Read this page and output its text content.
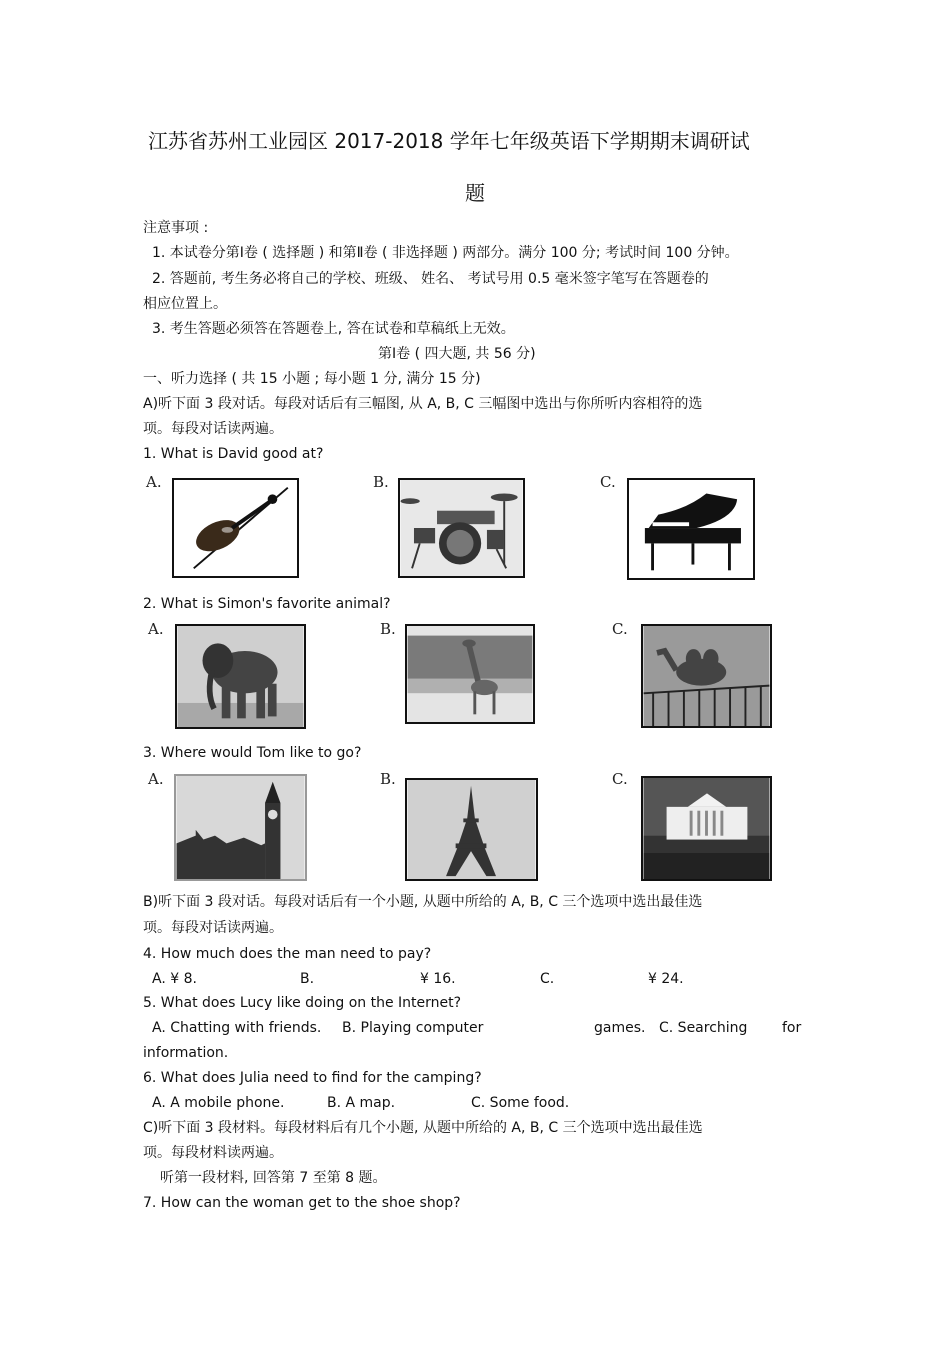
江苏省苏州工业园区 2017-2018 学年七年级英语下学期期末调研试
题
注意事项 :
1. 本试卷分第Ⅰ卷 ( 选择题 ) 和第Ⅱ卷 ( 非选择题 ) 两部分。满分 100 分; 考试时间 100 分钟。
2. 答题前, 考生务必将自己的学校、班级、 姓名、 考试号用 0.5 毫米签字笔写在答题卷的
相应位置上。
3. 考生答题必须答在答题卷上, 答在试卷和草稿纸上无效。
第Ⅰ卷 ( 四大题, 共 56 分)
一、听力选择 ( 共 15 小题 ; 每小题 1 分, 满分 15 分)
A)听下面 3 段对话。每段对话后有三幅图, 从 A, B, C 三幅图中选出与你所听内容相符的选
项。每段对话读两遍。
1. What is David good at?
A.	B.	C.
2. What is Simon's favorite animal?
A.	B.	C.
3. Where would Tom like to go?
A.	B.	C.
B)听下面 3 段对话。每段对话后有一个小题, 从题中所给的 A, B, C 三个选项中选出最佳选
项。每段对话读两遍。
4. How much does the man need to pay?
A. ¥ 8.	B.	¥ 16.	C.	¥ 24.
5. What does Lucy like doing on the Internet?
A. Chatting with friends. B. Playing computer	games. C. Searching for
information.
6. What does Julia need to find for the camping?
A. A mobile phone.	B. A map.	C. Some food.
C)听下面 3 段材料。每段材料后有几个小题, 从题中所给的 A, B, C 三个选项中选出最佳选
项。每段材料读两遍。
听第一段材料, 回答第 7 至第 8 题。
7. How can the woman get to the shoe shop?
